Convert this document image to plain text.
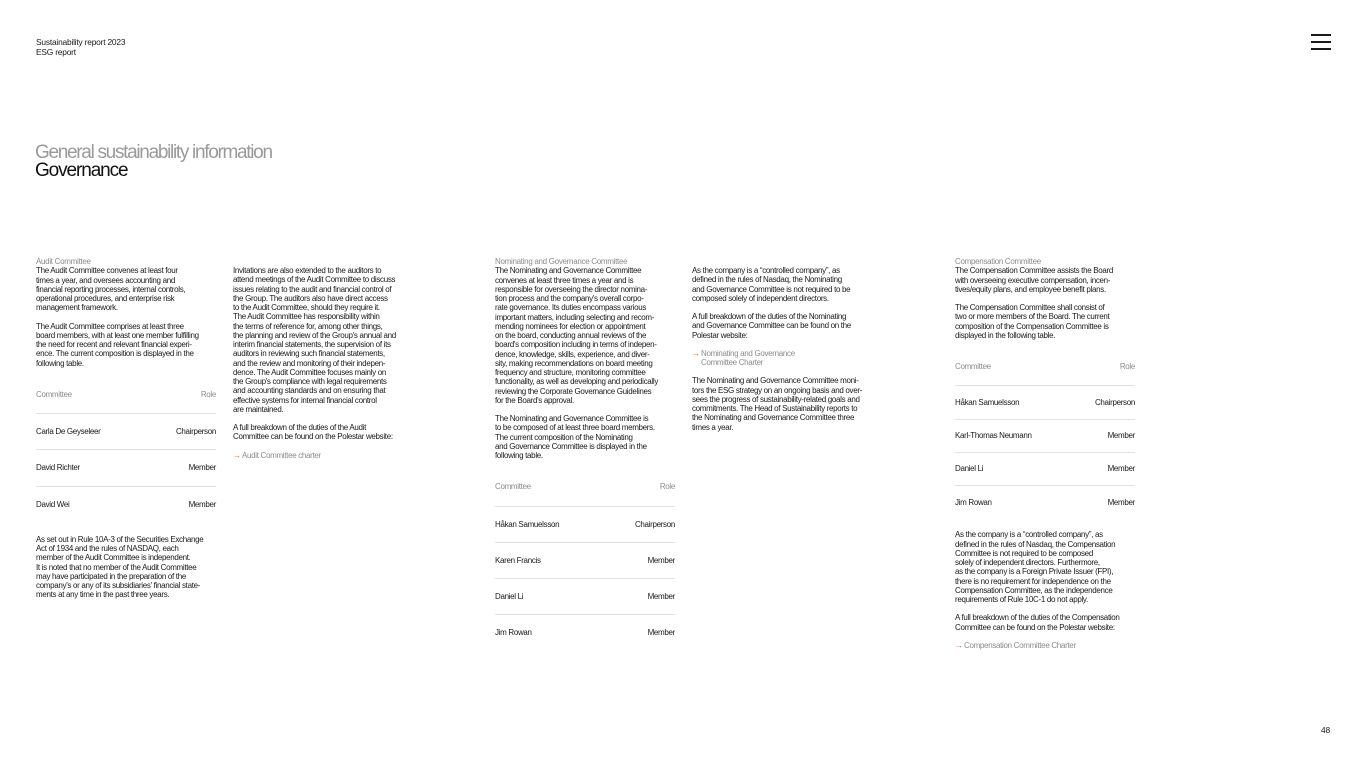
Sustainability report 2023
ESG report
General sustainability information
Governance
Audit Committee

The Audit Committee convenes at least four
times a year, and oversees accounting and
financial reporting processes, internal controls,
operational procedures, and enterprise risk
management framework.

The Audit Committee comprises at least three
board members, with at least one member fulfilling
the need for recent and relevant financial experi-
ence. The current composition is displayed in the
following table.

Committee	Role
Carla De Geyseleer	Chairperson
David Richter	Member
David Wei	Member

As set out in Rule 10A-3 of the Securities Exchange
Act of 1934 and the rules of NASDAQ, each
member of the Audit Committee is independent.
It is noted that no member of the Audit Committee
may have participated in the preparation of the
company's or any of its subsidiaries' financial state-
ments at any time in the past three years.

Invitations are also extended to the auditors to
attend meetings of the Audit Committee to discuss
issues relating to the audit and financial control of
the Group. The auditors also have direct access
to the Audit Committee, should they require it.
The Audit Committee has responsibility within
the terms of reference for, among other things,
the planning and review of the Group's annual and
interim financial statements, the supervision of its
auditors in reviewing such financial statements,
and the review and monitoring of their indepen-
dence. The Audit Committee focuses mainly on
the Group's compliance with legal requirements
and accounting standards and on ensuring that
effective systems for internal financial control
are maintained.

A full breakdown of the duties of the Audit
Committee can be found on the Polestar website:

→ Audit Committee charter
Nominating and Governance Committee

The Nominating and Governance Committee
convenes at least three times a year and is
responsible for overseeing the director nomina-
tion process and the company's overall corpo-
rate governance. Its duties encompass various
important matters, including selecting and recom-
mending nominees for election or appointment
on the board, conducting annual reviews of the
board's composition including in terms of indepen-
dence, knowledge, skills, experience, and diver-
sity, making recommendations on board meeting
frequency and structure, monitoring committee
functionality, as well as developing and periodically
reviewing the Corporate Governance Guidelines
for the Board's approval.

The Nominating and Governance Committee is
to be composed of at least three board members.
The current composition of the Nominating
and Governance Committee is displayed in the
following table.

Committee	Role
Håkan Samuelsson	Chairperson
Karen Francis	Member
Daniel Li	Member
Jim Rowan	Member

As the company is a “controlled company”, as
defined in the rules of Nasdaq, the Nominating
and Governance Committee is not required to be
composed solely of independent directors.

A full breakdown of the duties of the Nominating
and Governance Committee can be found on the
Polestar website:

→ Nominating and Governance
Committee Charter

The Nominating and Governance Committee moni-
tors the ESG strategy on an ongoing basis and over-
sees the progress of sustainability-related goals and
commitments. The Head of Sustainability reports to
the Nominating and Governance Committee three
times a year.

Compensation Committee

The Compensation Committee assists the Board
with overseeing executive compensation, incen-
tives/equity plans, and employee benefit plans.

The Compensation Committee shall consist of
two or more members of the Board. The current
composition of the Compensation Committee is
displayed in the following table.

Committee	Role
Håkan Samuelsson	Chairperson
Karl-Thomas Neumann	Member
Daniel Li	Member
Jim Rowan	Member

As the company is a “controlled company”, as
defined in the rules of Nasdaq, the Compensation
Committee is not required to be composed
solely of independent directors. Furthermore,
as the company is a Foreign Private Issuer (FPI),
there is no requirement for independence on the
Compensation Committee, as the independence
requirements of Rule 10C-1 do not apply.

A full breakdown of the duties of the Compensation
Committee can be found on the Polestar website:

→ Compensation Committee Charter
48
